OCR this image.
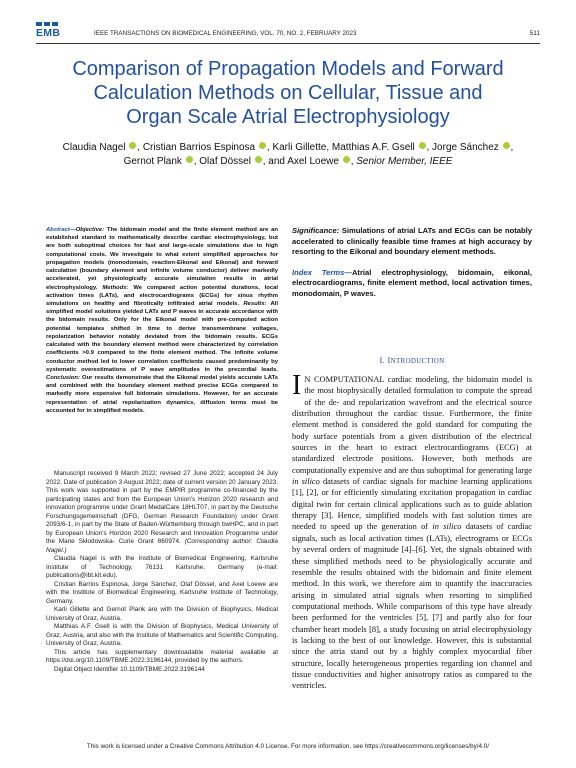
EMB	IEEE TRANSACTIONS ON BIOMEDICAL ENGINEERING, VOL. 70, NO. 2, FEBRUARY 2023	511
Comparison of Propagation Models and Forward
Calculation Methods on Cellular, Tissue and
Organ Scale Atrial Electrophysiology
Claudia Nagel , Cristian Barrios Espinosa , Karli Gillette, Matthias A.F. Gsell , Jorge Sánchez ,
Gernot Plank , Olaf Dössel , and Axel Loewe , Senior Member, IEEE

Abstract—Objective: The bidomain model and the finite element method are an established standard to mathematically describe cardiac electrophysiology, but are both suboptimal choices for fast and large-scale simulations due to high computational costs. We investigate to what extent simplified approaches for propagation models (monodomain, reaction-Eikonal and Eikonal) and forward calculation (boundary element and infinite volume conductor) deliver markedly accelerated, yet physiologically accurate simulation results in atrial electrophysiology. Methods: We compared action potential durations, local activation times (LATs), and electrocardiograms (ECGs) for sinus rhythm simulations on healthy and fibrotically infiltrated atrial models. Results: All simplified model solutions yielded LATs and P waves in accurate accordance with the bidomain results. Only for the Eikonal model with pre-computed action potential templates shifted in time to derive transmembrane voltages, repolarization behavior notably deviated from the bidomain results. ECGs calculated with the boundary element method were characterized by correlation coefficients >0.9 compared to the finite element method. The infinite volume conductor method led to lower correlation coefficients caused predominantly by systematic overestimations of P wave amplitudes in the precordial leads. Conclusion: Our results demonstrate that the Eikonal model yields accurate LATs and combined with the boundary element method precise ECGs compared to markedly more expensive full bidomain simulations. However, for an accurate representation of atrial repolarization dynamics, diffusion terms must be accounted for in simplified models.

Manuscript received 9 March 2022; revised 27 June 2022; accepted 24 July 2022. Date of publication 3 August 2022; date of current version 20 January 2023. This work was supported in part by the EMPIR programme co-financed by the participating states and from the European Union's Horizon 2020 research and innovation programme under Grant MedalCare 18HLT07, in part by the Deutsche Forschungsgemeinschaft (DFG, German Research Foundation) under Grant 2093/6-1, in part by the State of Baden-Württemberg through bwHPC, and in part by European Union's Horizon 2020 Research and Innovation Programme under the Marie Skłodowska- Curie Grant 860974. (Corresponding author: Claudia Nagel.)

Claudia Nagel is with the Institute of Biomedical Engineering, Karlsruhe Institute of Technology, 76131 Karlsruhe, Germany (e-mail: publications@ibt.kit.edu).

Cristian Barrios Espinosa, Jorge Sánchez, Olaf Dössel, and Axel Loewe are with the Institute of Biomedical Engineering, Karlsruhe Institute of Technology, Germany.

Karli Gillette and Gernot Plank are with the Division of Biophysics, Medical University of Graz, Austria.

Matthias A.F. Gsell is with the Division of Biophysics, Medical University of Graz, Austria, and also with the Institute of Mathematics and Scientific Computing, University of Graz, Austria.

This article has supplementary downloadable material available at https://doi.org/10.1109/TBME.2022.3196144, provided by the authors.

Digital Object Identifier 10.1109/TBME.2022.3196144

Significance: Simulations of atrial LATs and ECGs can be notably accelerated to clinically feasible time frames at high accuracy by resorting to the Eikonal and boundary element methods.

Index Terms—Atrial electrophysiology, bidomain, eikonal, electrocardiograms, finite element method, local activation times, monodomain, P waves.

I. INTRODUCTION

I N COMPUTATIONAL cardiac modeling, the bidomain model is the most biophysically detailed formulation to compute the spread of the de- and repolarization wavefront and the electrical source distribution throughout the cardiac tissue. Furthermore, the finite element method is considered the gold standard for computing the body surface potentials from a given distribution of the electrical sources in the heart to extract electrocardiograms (ECG) at standardized electrode positions. However, both methods are computationally expensive and are thus suboptimal for generating large in silico datasets of cardiac signals for machine learning applications [1], [2], or for efficiently simulating excitation propagation in cardiac digital twin for certain clinical applications such as to guide ablation therapy [3]. Hence, simplified models with fast solution times are needed to speed up the generation of in silico datasets of cardiac signals, such as local activation times (LATs), electrograms or ECGs by several orders of magnitude [4]–[6]. Yet, the signals obtained with these simplified methods need to be physiologically accurate and resemble the results obtained with the bidomain and finite element method. In this work, we therefore aim to quantify the inaccuracies arising in simulated atrial signals when resorting to simplified computational methods. While comparisons of this type have already been performed for the ventricles [5], [7] and partly also for four chamber heart models [8], a study focusing on atrial electrophysiology is lacking to the best of our knowledge. However, this is substantial since the atria stand out by a highly complex myocardial fiber structure, locally heterogeneous properties regarding ion channel and tissue conductivities and higher anisotropy ratios as compared to the ventricles.

This work is licensed under a Creative Commons Attribution 4.0 License. For more information, see https://creativecommons.org/licenses/by/4.0/
